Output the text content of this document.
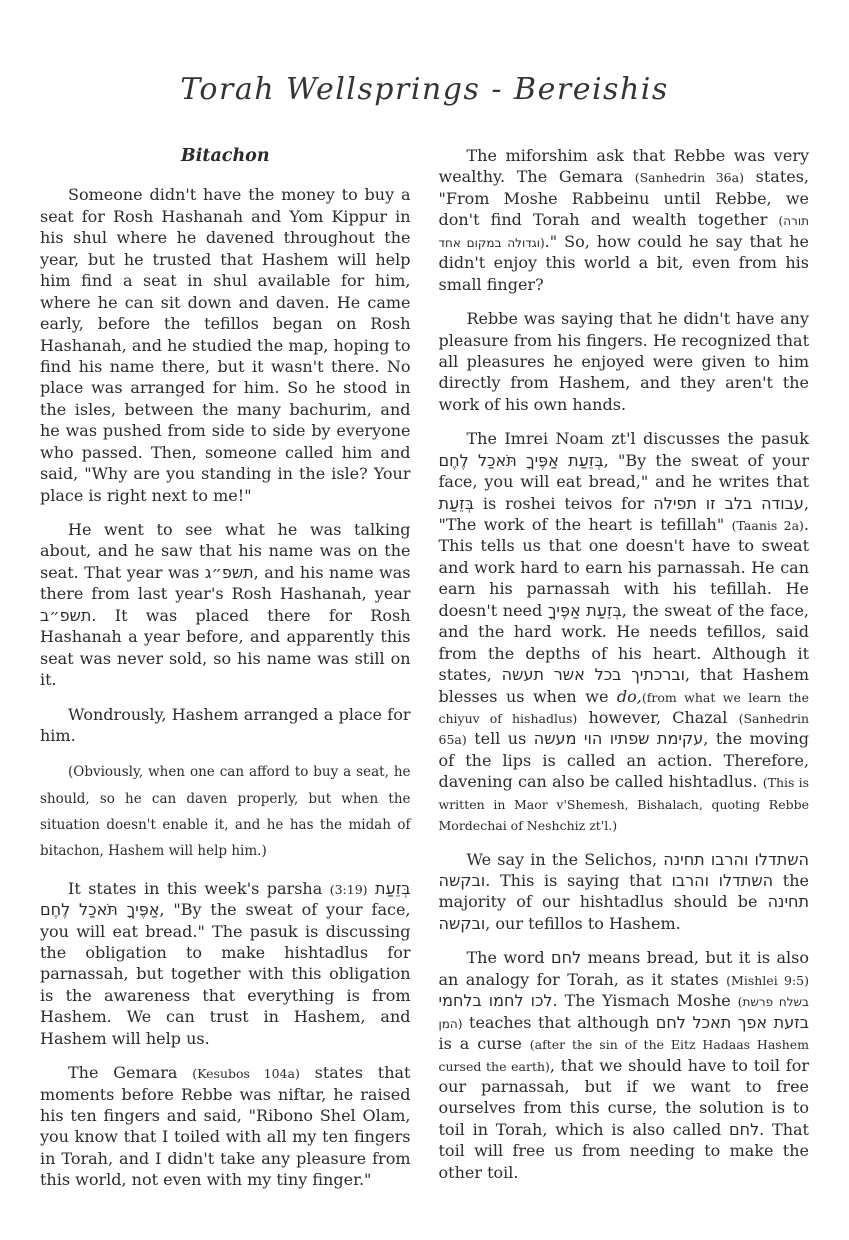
Torah Wellsprings - Bereishis
Bitachon

Someone didn't have the money to buy a seat for Rosh Hashanah and Yom Kippur in his shul where he davened throughout the year, but he trusted that Hashem will help him find a seat in shul available for him, where he can sit down and daven. He came early, before the tefillos began on Rosh Hashanah, and he studied the map, hoping to find his name there, but it wasn't there. No place was arranged for him. So he stood in the isles, between the many bachurim, and he was pushed from side to side by everyone who passed. Then, someone called him and said, "Why are you standing in the isle? Your place is right next to me!"

He went to see what he was talking about, and he saw that his name was on the seat. That year was תשפ״ג, and his name was there from last year's Rosh Hashanah, year תשפ״ב. It was placed there for Rosh Hashanah a year before, and apparently this seat was never sold, so his name was still on it.

Wondrously, Hashem arranged a place for him.

(Obviously, when one can afford to buy a seat, he should, so he can daven properly, but when the situation doesn't enable it, and he has the midah of bitachon, Hashem will help him.)

It states in this week's parsha (3:19) בְּזֵעַת אַפֶּיךָ תֹּאכַל לֶחֶם, "By the sweat of your face, you will eat bread." The pasuk is discussing the obligation to make hishtadlus for parnassah, but together with this obligation is the awareness that everything is from Hashem. We can trust in Hashem, and Hashem will help us.

The Gemara (Kesubos 104a) states that moments before Rebbe was niftar, he raised his ten fingers and said, "Ribono Shel Olam, you know that I toiled with all my ten fingers in Torah, and I didn't take any pleasure from this world, not even with my tiny finger."

The miforshim ask that Rebbe was very wealthy. The Gemara (Sanhedrin 36a) states, "From Moshe Rabbeinu until Rebbe, we don't find Torah and wealth together (תורה וגדולה במקום אחד)." So, how could he say that he didn't enjoy this world a bit, even from his small finger?

Rebbe was saying that he didn't have any pleasure from his fingers. He recognized that all pleasures he enjoyed were given to him directly from Hashem, and they aren't the work of his own hands.

The Imrei Noam zt'l discusses the pasuk בְּזֵעַת אַפֶּיךָ תֹּאכַל לֶחֶם, "By the sweat of your face, you will eat bread," and he writes that בְּזֵעַת is roshei teivos for עבודה בלב זו תפילה, "The work of the heart is tefillah" (Taanis 2a). This tells us that one doesn't have to sweat and work hard to earn his parnassah. He can earn his parnassah with his tefillah. He doesn't need בְּזֵעַת אַפֶּיךָ, the sweat of the face, and the hard work. He needs tefillos, said from the depths of his heart. Although it states, וברכתיך בכל אשר תעשה, that Hashem blesses us when we do,(from what we learn the chiyuv of hishadlus) however, Chazal (Sanhedrin 65a) tell us עקימת שפתיו הוי מעשה, the moving of the lips is called an action. Therefore, davening can also be called hishtadlus. (This is written in Maor v'Shemesh, Bishalach, quoting Rebbe Mordechai of Neshchiz zt'l.)

We say in the Selichos, השתדלו והרבו תחינה ובקשה. This is saying that השתדלו והרבו the majority of our hishtadlus should be תחינה ובקשה, our tefillos to Hashem.

The word לחם means bread, but it is also an analogy for Torah, as it states (Mishlei 9:5) לכו לחמו בלחמי. The Yismach Moshe (בשלח פרשת המן) teaches that although בזעת אפך תאכל לחם is a curse (after the sin of the Eitz Hadaas Hashem cursed the earth), that we should have to toil for our parnassah, but if we want to free ourselves from this curse, the solution is to toil in Torah, which is also called לחם. That toil will free us from needing to make the other toil.
